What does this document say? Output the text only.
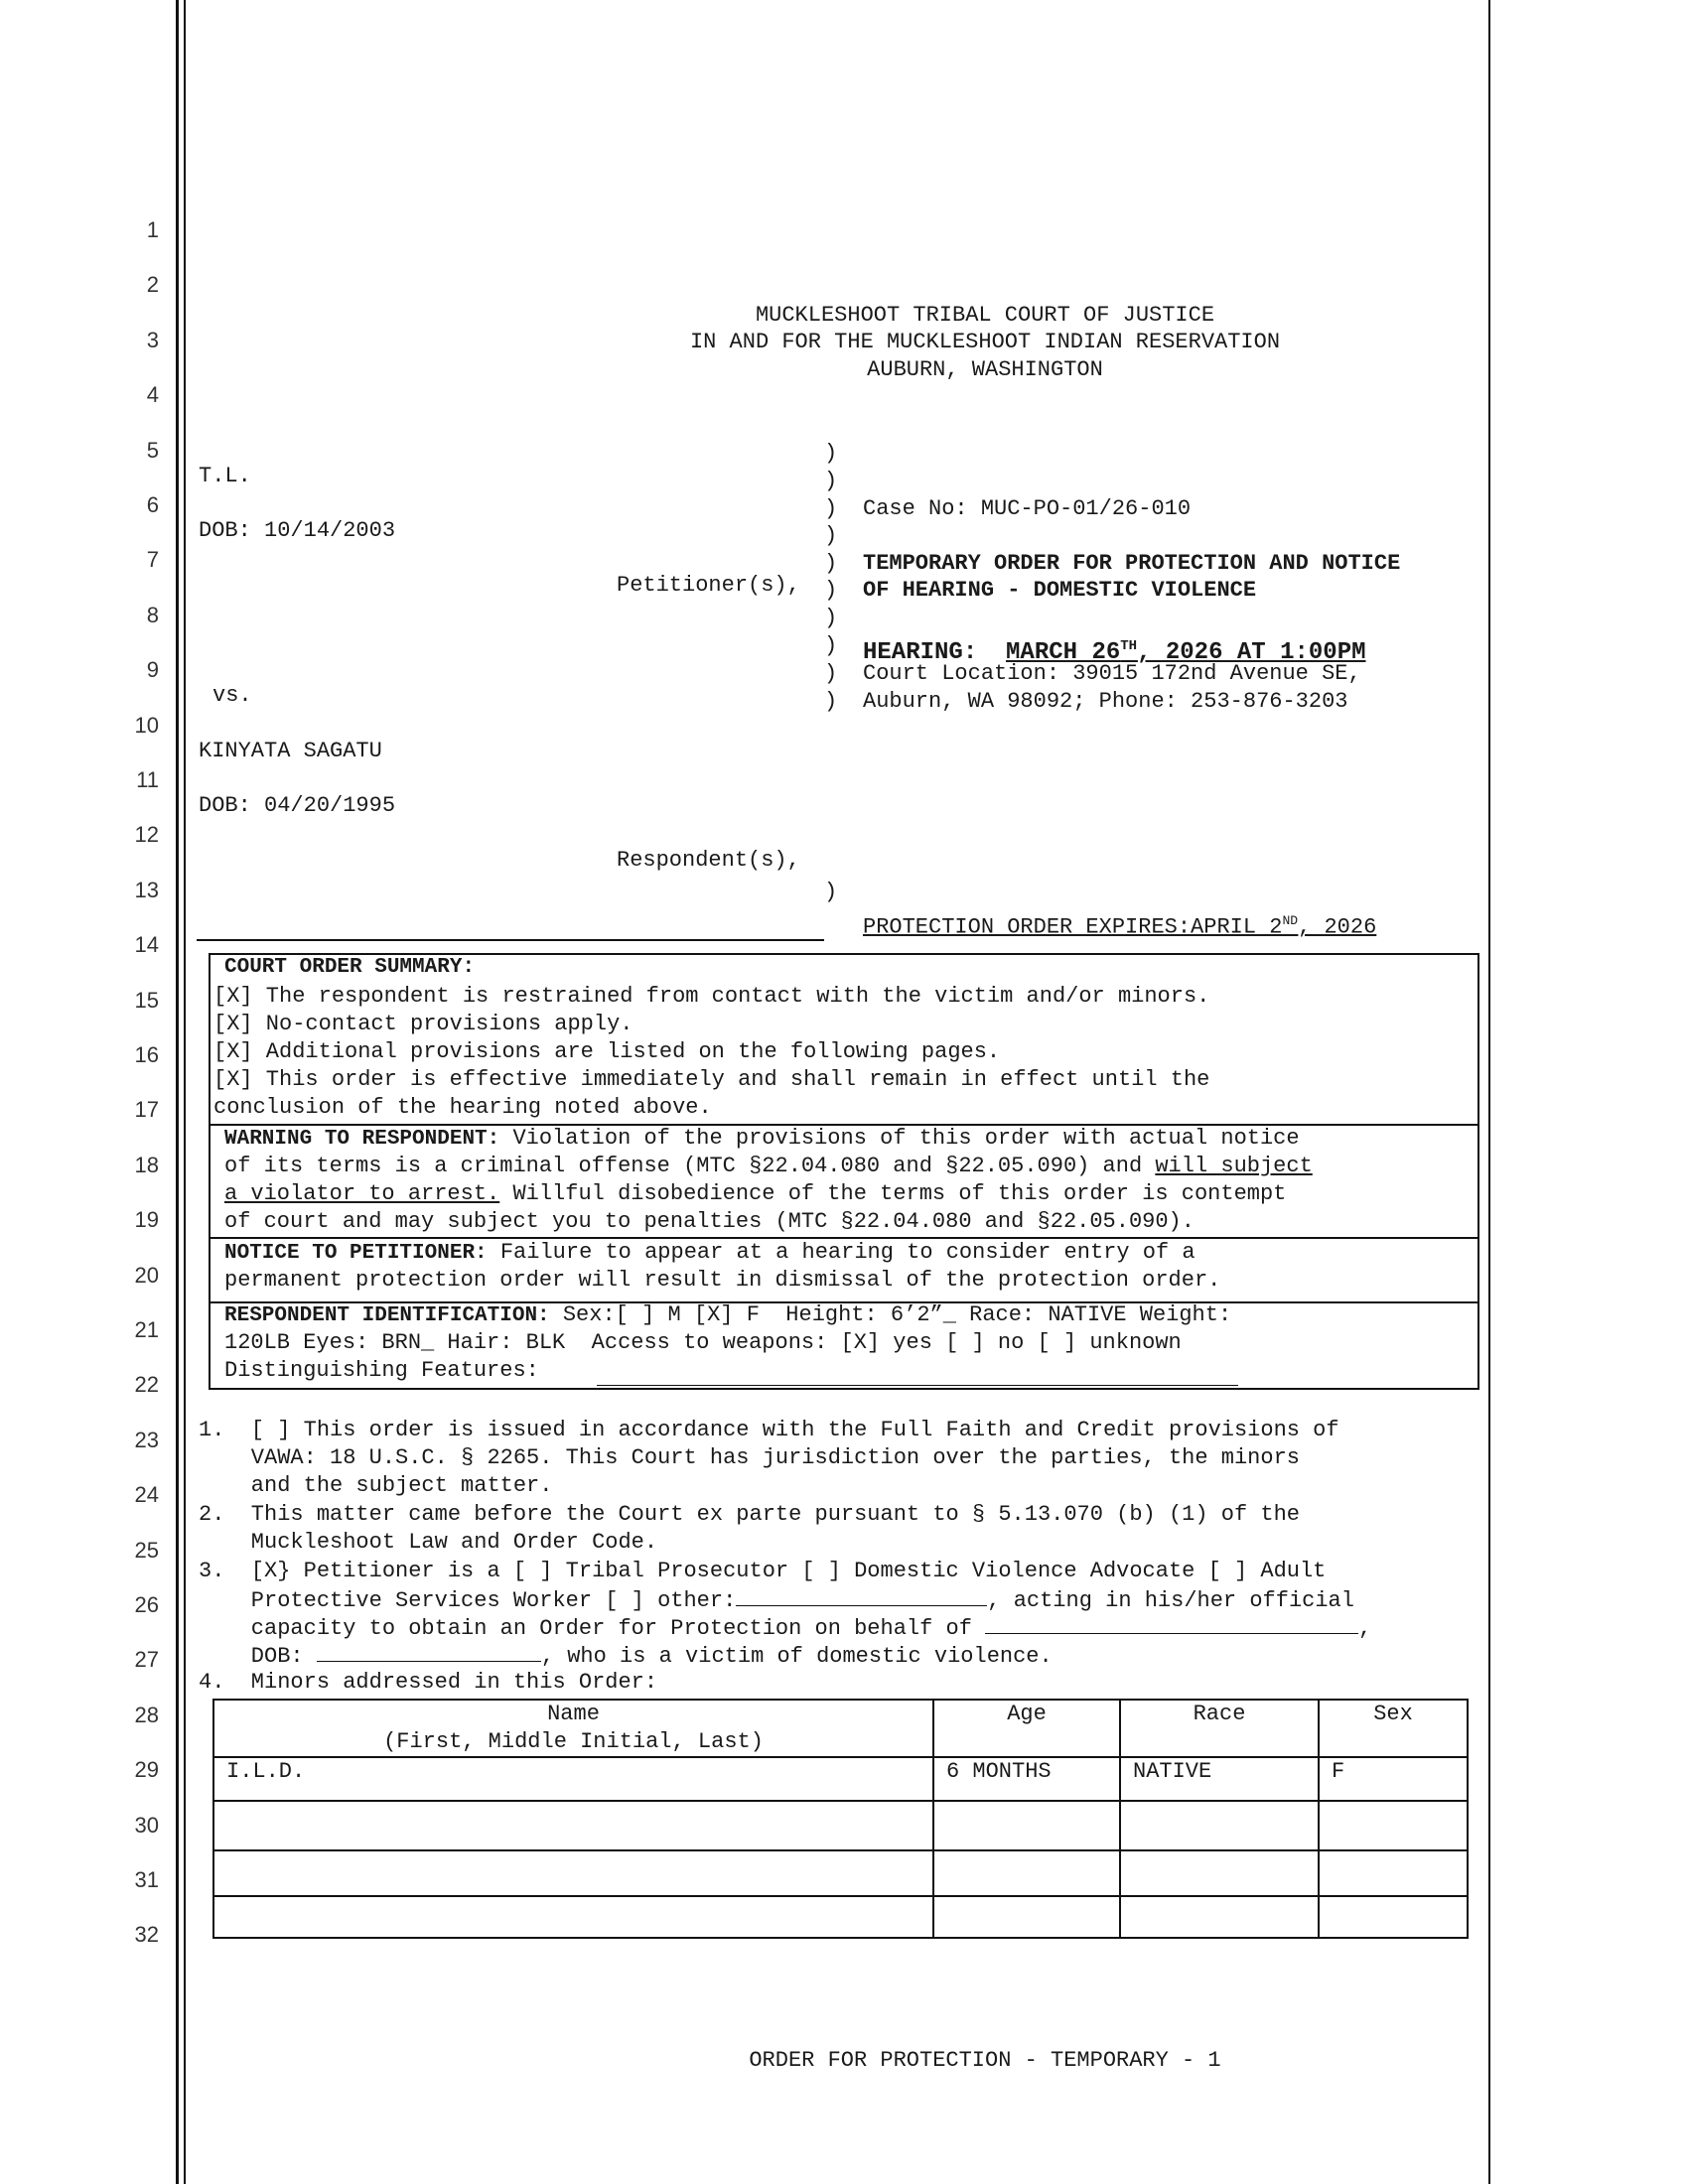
1
2
3
4
5
6
7
8
9
10
11
12
13
14
15
16
17
18
19
20
21
22
23
24
25
26
27
28
29
30
31
32
MUCKLESHOOT TRIBAL COURT OF JUSTICE
IN AND FOR THE MUCKLESHOOT INDIAN RESERVATION
AUBURN, WASHINGTON
T.L.
DOB: 10/14/2003
Petitioner(s),
vs.
KINYATA SAGATU
DOB: 04/20/1995
Respondent(s),
)
)
)
)
)
)
)
)
)
)
)
Case No: MUC-PO-01/26-010
TEMPORARY ORDER FOR PROTECTION AND NOTICE
OF HEARING - DOMESTIC VIOLENCE
HEARING: MARCH 26TH, 2026 AT 1:00PM
Court Location: 39015 172nd Avenue SE,
Auburn, WA 98092; Phone: 253-876-3203
PROTECTION ORDER EXPIRES:APRIL 2ND, 2026
COURT ORDER SUMMARY:
[X] The respondent is restrained from contact with the victim and/or minors.
[X] No-contact provisions apply.
[X] Additional provisions are listed on the following pages.
[X] This order is effective immediately and shall remain in effect until the
conclusion of the hearing noted above.
WARNING TO RESPONDENT: Violation of the provisions of this order with actual notice
of its terms is a criminal offense (MTC §22.04.080 and §22.05.090) and will subject
a violator to arrest. Willful disobedience of the terms of this order is contempt
of court and may subject you to penalties (MTC §22.04.080 and §22.05.090).
NOTICE TO PETITIONER: Failure to appear at a hearing to consider entry of a
permanent protection order will result in dismissal of the protection order.
RESPONDENT IDENTIFICATION: Sex:[ ] M [X] F  Height: 6’2”_ Race: NATIVE Weight:
120LB Eyes: BRN_ Hair: BLK  Access to weapons: [X] yes [ ] no [ ] unknown
Distinguishing Features:
1.  [ ] This order is issued in accordance with the Full Faith and Credit provisions of
VAWA: 18 U.S.C. § 2265. This Court has jurisdiction over the parties, the minors
and the subject matter.
2.  This matter came before the Court ex parte pursuant to § 5.13.070 (b) (1) of the
Muckleshoot Law and Order Code.
3.  [X} Petitioner is a [ ] Tribal Prosecutor [ ] Domestic Violence Advocate [ ] Adult
Protective Services Worker [ ] other:	, acting in his/her official
capacity to obtain an Order for Protection on behalf of	,
DOB:	, who is a victim of domestic violence.
4.  Minors addressed in this Order:
Name
(First, Middle Initial, Last)	Age	Race	Sex
I.L.D.	6 MONTHS	NATIVE	F

ORDER FOR PROTECTION - TEMPORARY - 1
